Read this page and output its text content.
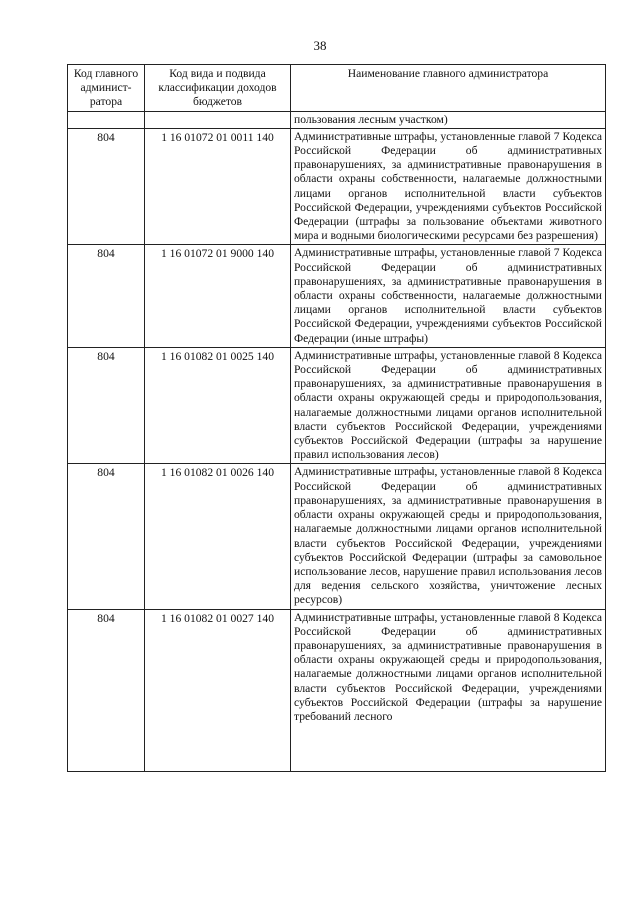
38
Код главного админист-ратора	Код вида и подвида классификации доходов бюджетов	Наименование главного администратора
		пользования лесным участком)
804	1 16 01072 01 0011 140	Административные штрафы, установленные главой 7 Кодекса Российской Федерации об административных правонарушениях, за административные правонарушения в области охраны собственности, налагаемые должностными лицами органов исполнительной власти субъектов Российской Федерации, учреждениями субъектов Российской Федерации (штрафы за пользование объектами животного мира и водными биологическими ресурсами без разрешения)
804	1 16 01072 01 9000 140	Административные штрафы, установленные главой 7 Кодекса Российской Федерации об административных правонарушениях, за административные правонарушения в области охраны собственности, налагаемые должностными лицами органов исполнительной власти субъектов Российской Федерации, учреждениями субъектов Российской Федерации (иные штрафы)
804	1 16 01082 01 0025 140	Административные штрафы, установленные главой 8 Кодекса Российской Федерации об административных правонарушениях, за административные правонарушения в области охраны окружающей среды и природопользования, налагаемые должностными лицами органов исполнительной власти субъектов Российской Федерации, учреждениями субъектов Российской Федерации (штрафы за нарушение правил использования лесов)
804	1 16 01082 01 0026 140	Административные штрафы, установленные главой 8 Кодекса Российской Федерации об административных правонарушениях, за административные правонарушения в области охраны окружающей среды и природопользования, налагаемые должностными лицами органов исполнительной власти субъектов Российской Федерации, учреждениями субъектов Российской Федерации (штрафы за самовольное использование лесов, нарушение правил использования лесов для ведения сельского хозяйства, уничтожение лесных ресурсов)
804	1 16 01082 01 0027 140	Административные штрафы, установленные главой 8 Кодекса Российской Федерации об административных правонарушениях, за административные правонарушения в области охраны окружающей среды и природопользования, налагаемые должностными лицами органов исполнительной власти субъектов Российской Федерации, учреждениями субъектов Российской Федерации (штрафы за нарушение требований лесного
